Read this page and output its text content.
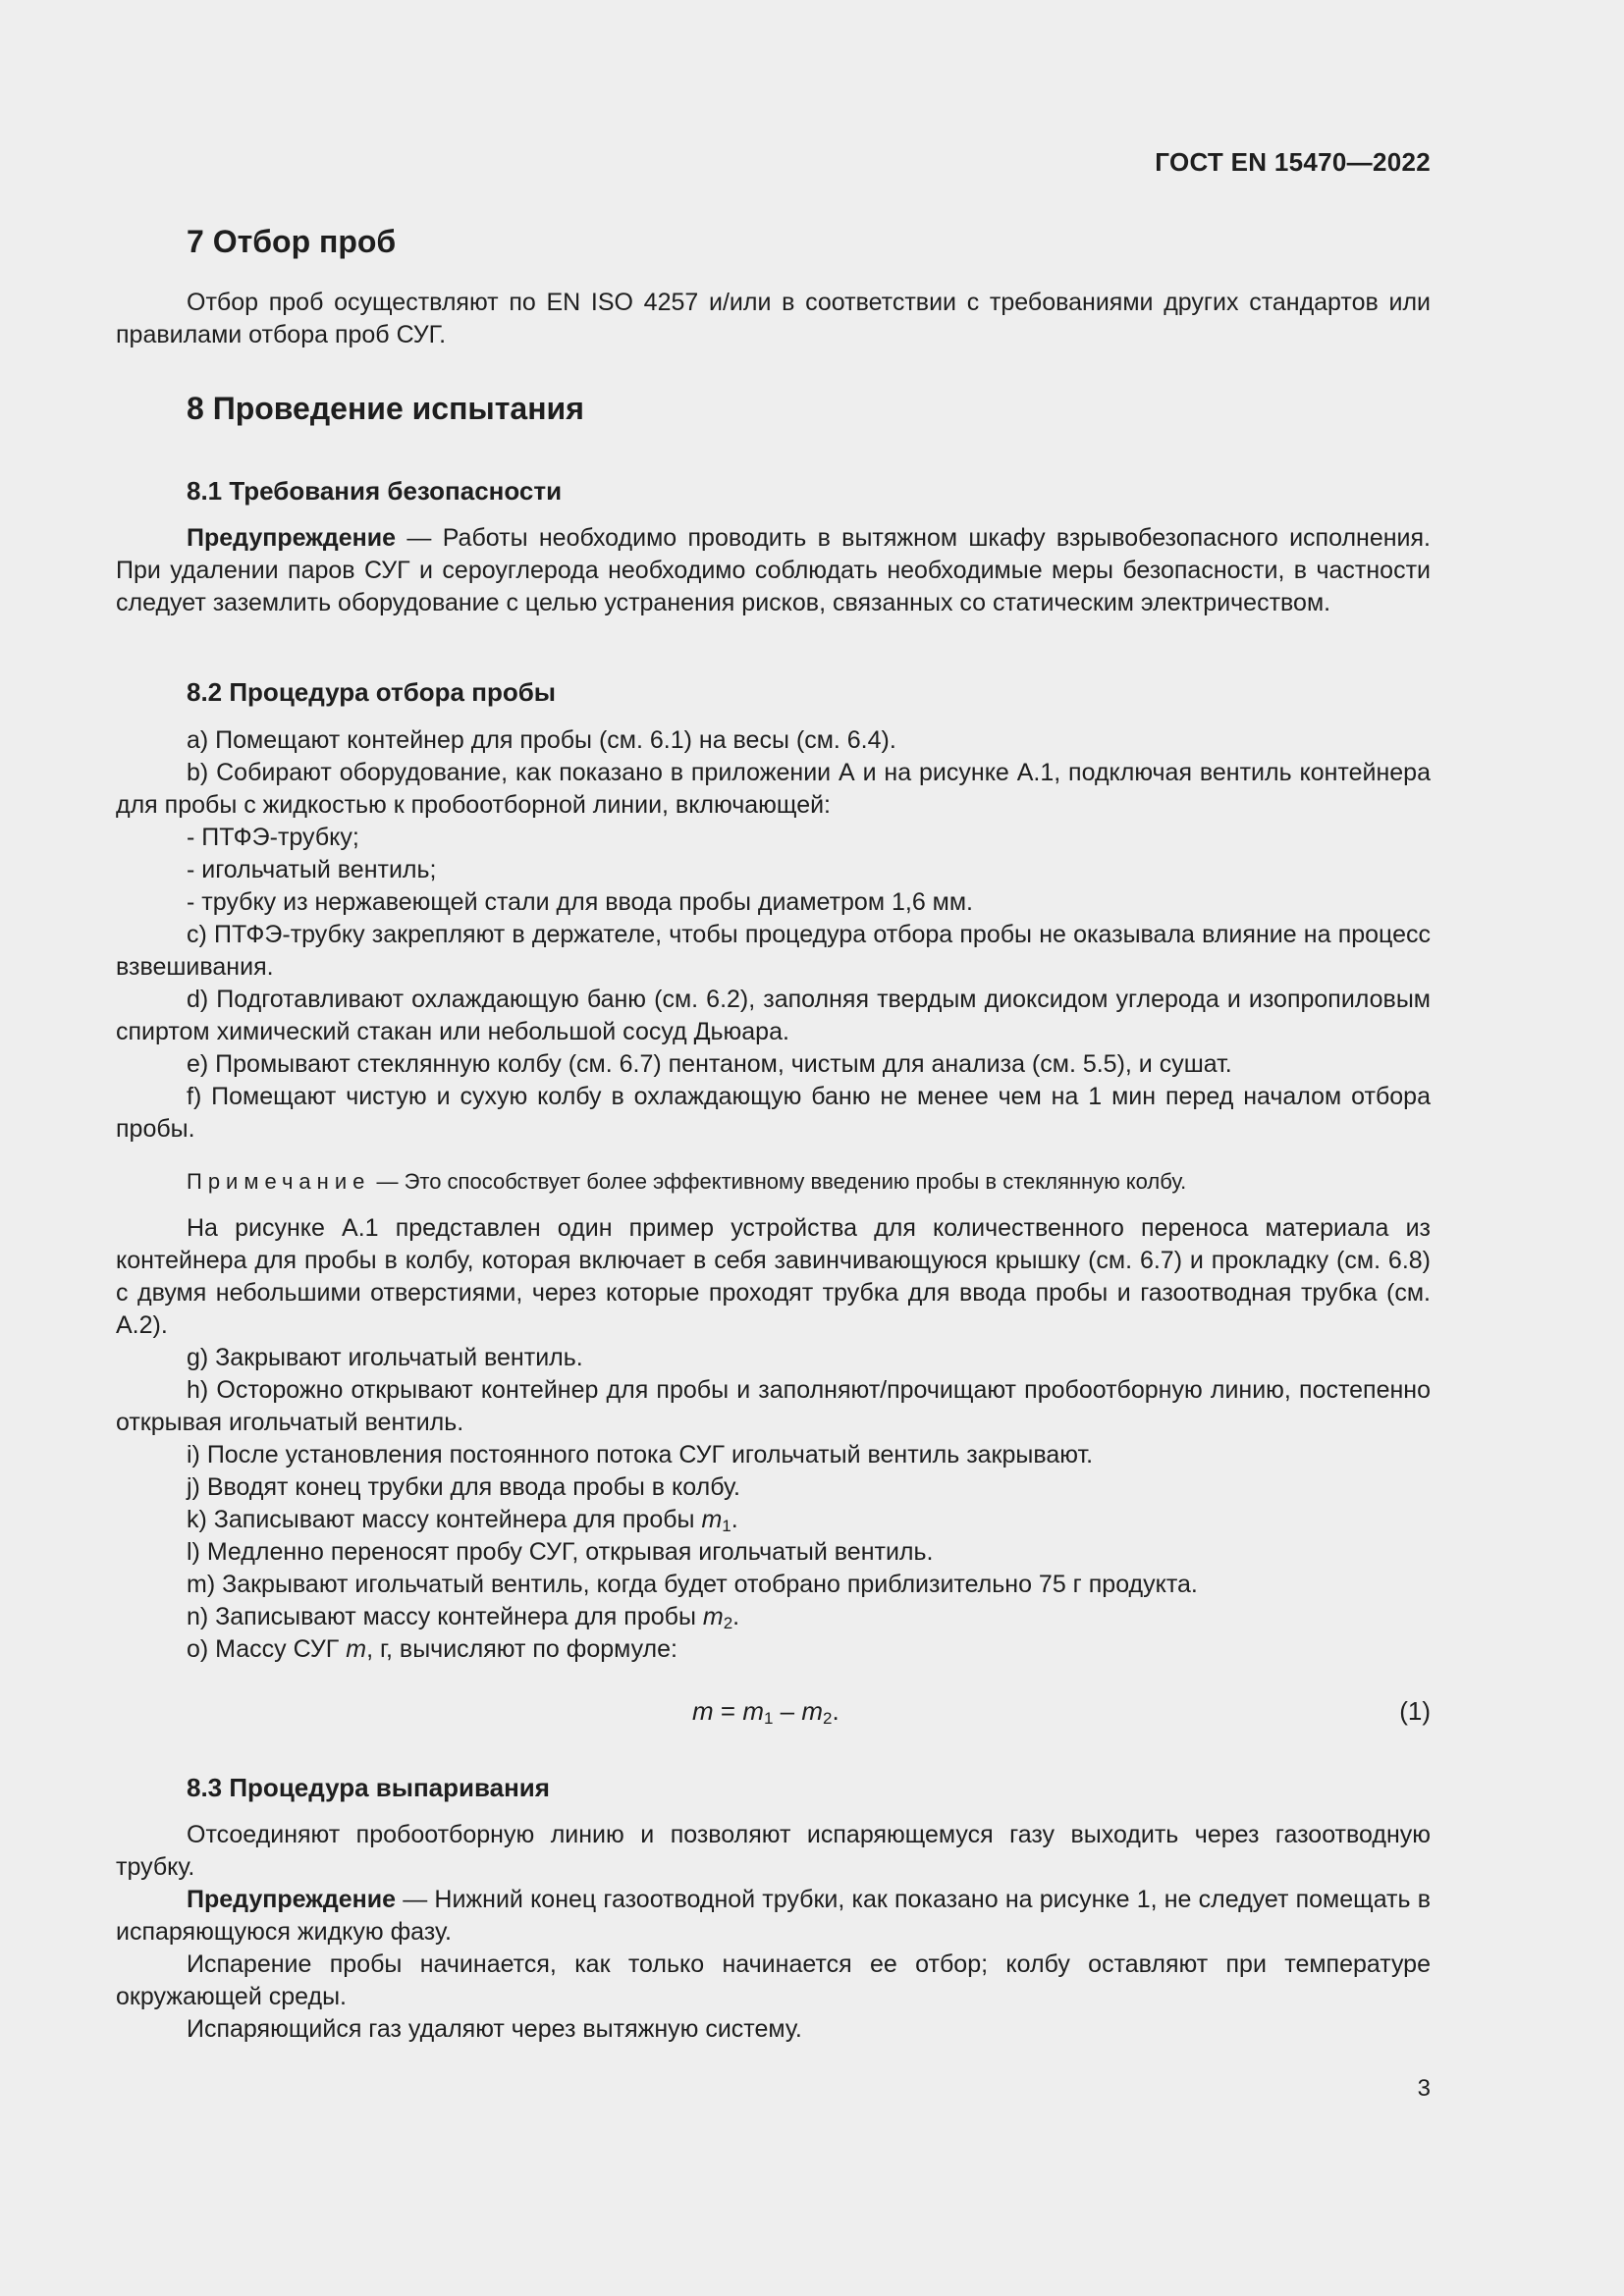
ГОСТ EN 15470—2022
7 Отбор проб

Отбор проб осуществляют по EN ISO 4257 и/или в соответствии с требованиями других стандартов или правилами отбора проб СУГ.

8 Проведение испытания
8.1 Требования безопасности

Предупреждение — Работы необходимо проводить в вытяжном шкафу взрывобезопасного исполнения. При удалении паров СУГ и сероуглерода необходимо соблюдать необходимые меры безопасности, в частности следует заземлить оборудование с целью устранения рисков, связанных со статическим электричеством.

8.2 Процедура отбора пробы

a) Помещают контейнер для пробы (см. 6.1) на весы (см. 6.4).

b) Собирают оборудование, как показано в приложении А и на рисунке А.1, подключая вентиль контейнера для пробы с жидкостью к пробоотборной линии, включающей:

- ПТФЭ-трубку;

- игольчатый вентиль;

- трубку из нержавеющей стали для ввода пробы диаметром 1,6 мм.

c) ПТФЭ-трубку закрепляют в держателе, чтобы процедура отбора пробы не оказывала влияние на процесс взвешивания.

d) Подготавливают охлаждающую баню (см. 6.2), заполняя твердым диоксидом углерода и изопропиловым спиртом химический стакан или небольшой сосуд Дьюара.

e) Промывают стеклянную колбу (см. 6.7) пентаном, чистым для анализа (см. 5.5), и сушат.

f) Помещают чистую и сухую колбу в охлаждающую баню не менее чем на 1 мин перед началом отбора пробы.

Примечание — Это способствует более эффективному введению пробы в стеклянную колбу.

На рисунке А.1 представлен один пример устройства для количественного переноса материала из контейнера для пробы в колбу, которая включает в себя завинчивающуюся крышку (см. 6.7) и прокладку (см. 6.8) с двумя небольшими отверстиями, через которые проходят трубка для ввода пробы и газоотводная трубка (см. А.2).

g) Закрывают игольчатый вентиль.

h) Осторожно открывают контейнер для пробы и заполняют/прочищают пробоотборную линию, постепенно открывая игольчатый вентиль.

i) После установления постоянного потока СУГ игольчатый вентиль закрывают.

j) Вводят конец трубки для ввода пробы в колбу.

k) Записывают массу контейнера для пробы $m_1$.

l) Медленно переносят пробу СУГ, открывая игольчатый вентиль.

m) Закрывают игольчатый вентиль, когда будет отобрано приблизительно 75 г продукта.

n) Записывают массу контейнера для пробы $m_2$.

o) Массу СУГ m, г, вычисляют по формуле:

$m = m_1 - m_2$.	(1)
8.3 Процедура выпаривания

Отсоединяют пробоотборную линию и позволяют испаряющемуся газу выходить через газоотводную трубку.

Предупреждение — Нижний конец газоотводной трубки, как показано на рисунке 1, не следует помещать в испаряющуюся жидкую фазу.

Испарение пробы начинается, как только начинается ее отбор; колбу оставляют при температуре окружающей среды.

Испаряющийся газ удаляют через вытяжную систему.

3
